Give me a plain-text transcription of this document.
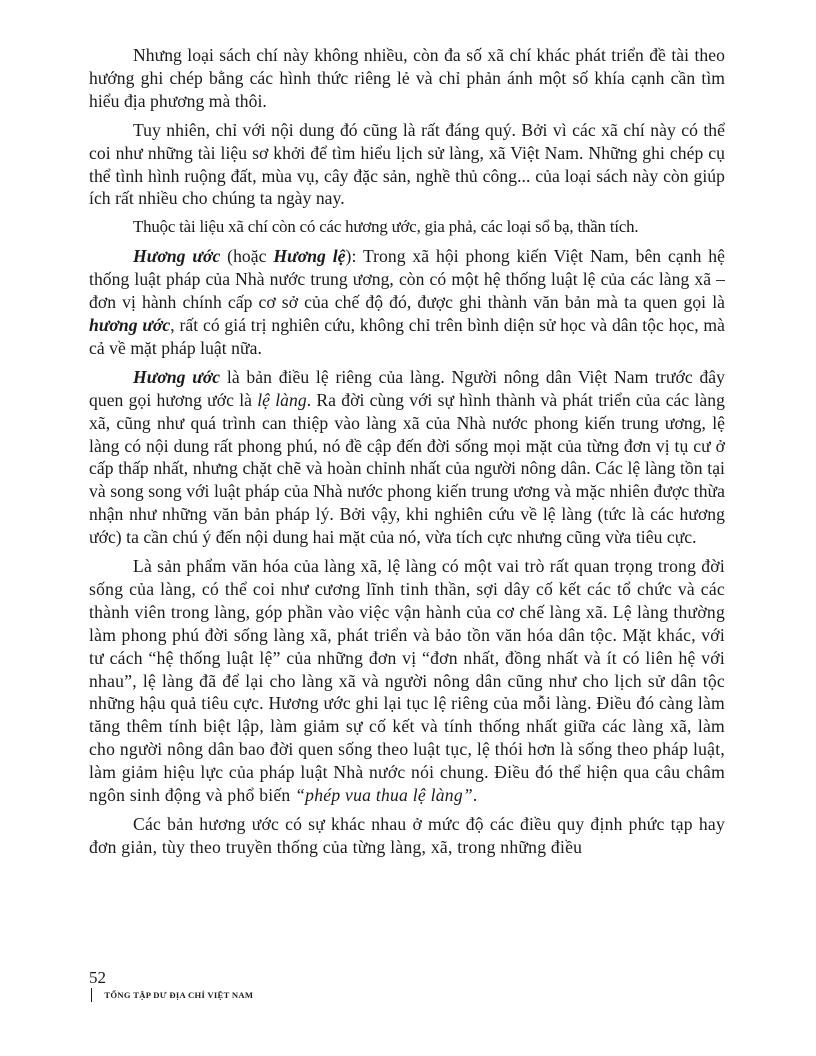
Nhưng loại sách chí này không nhiều, còn đa số xã chí khác phát triển đề tài theo hướng ghi chép bằng các hình thức riêng lẻ và chỉ phản ánh một số khía cạnh cần tìm hiểu địa phương mà thôi.

Tuy nhiên, chỉ với nội dung đó cũng là rất đáng quý. Bởi vì các xã chí này có thể coi như những tài liệu sơ khởi để tìm hiểu lịch sử làng, xã Việt Nam. Những ghi chép cụ thể tình hình ruộng đất, mùa vụ, cây đặc sản, nghề thủ công... của loại sách này còn giúp ích rất nhiều cho chúng ta ngày nay.

Thuộc tài liệu xã chí còn có các hương ước, gia phả, các loại sổ bạ, thần tích.

Hương ước (hoặc Hương lệ): Trong xã hội phong kiến Việt Nam, bên cạnh hệ thống luật pháp của Nhà nước trung ương, còn có một hệ thống luật lệ của các làng xã – đơn vị hành chính cấp cơ sở của chế độ đó, được ghi thành văn bản mà ta quen gọi là hương ước, rất có giá trị nghiên cứu, không chỉ trên bình diện sử học và dân tộc học, mà cả về mặt pháp luật nữa.

Hương ước là bản điều lệ riêng của làng. Người nông dân Việt Nam trước đây quen gọi hương ước là lệ làng. Ra đời cùng với sự hình thành và phát triển của các làng xã, cũng như quá trình can thiệp vào làng xã của Nhà nước phong kiến trung ương, lệ làng có nội dung rất phong phú, nó đề cập đến đời sống mọi mặt của từng đơn vị tụ cư ở cấp thấp nhất, nhưng chặt chẽ và hoàn chỉnh nhất của người nông dân. Các lệ làng tồn tại và song song với luật pháp của Nhà nước phong kiến trung ương và mặc nhiên được thừa nhận như những văn bản pháp lý. Bởi vậy, khi nghiên cứu về lệ làng (tức là các hương ước) ta cần chú ý đến nội dung hai mặt của nó, vừa tích cực nhưng cũng vừa tiêu cực.

Là sản phẩm văn hóa của làng xã, lệ làng có một vai trò rất quan trọng trong đời sống của làng, có thể coi như cương lĩnh tinh thần, sợi dây cố kết các tổ chức và các thành viên trong làng, góp phần vào việc vận hành của cơ chế làng xã. Lệ làng thường làm phong phú đời sống làng xã, phát triển và bảo tồn văn hóa dân tộc. Mặt khác, với tư cách “hệ thống luật lệ” của những đơn vị “đơn nhất, đồng nhất và ít có liên hệ với nhau”, lệ làng đã để lại cho làng xã và người nông dân cũng như cho lịch sử dân tộc những hậu quả tiêu cực. Hương ước ghi lại tục lệ riêng của mỗi làng. Điều đó càng làm tăng thêm tính biệt lập, làm giảm sự cố kết và tính thống nhất giữa các làng xã, làm cho người nông dân bao đời quen sống theo luật tục, lệ thói hơn là sống theo pháp luật, làm giảm hiệu lực của pháp luật Nhà nước nói chung. Điều đó thể hiện qua câu châm ngôn sinh động và phổ biến “phép vua thua lệ làng”.

Các bản hương ước có sự khác nhau ở mức độ các điều quy định phức tạp hay đơn giản, tùy theo truyền thống của từng làng, xã, trong những điều

52
TỔNG TẬP DƯ ĐỊA CHÍ VIỆT NAM
